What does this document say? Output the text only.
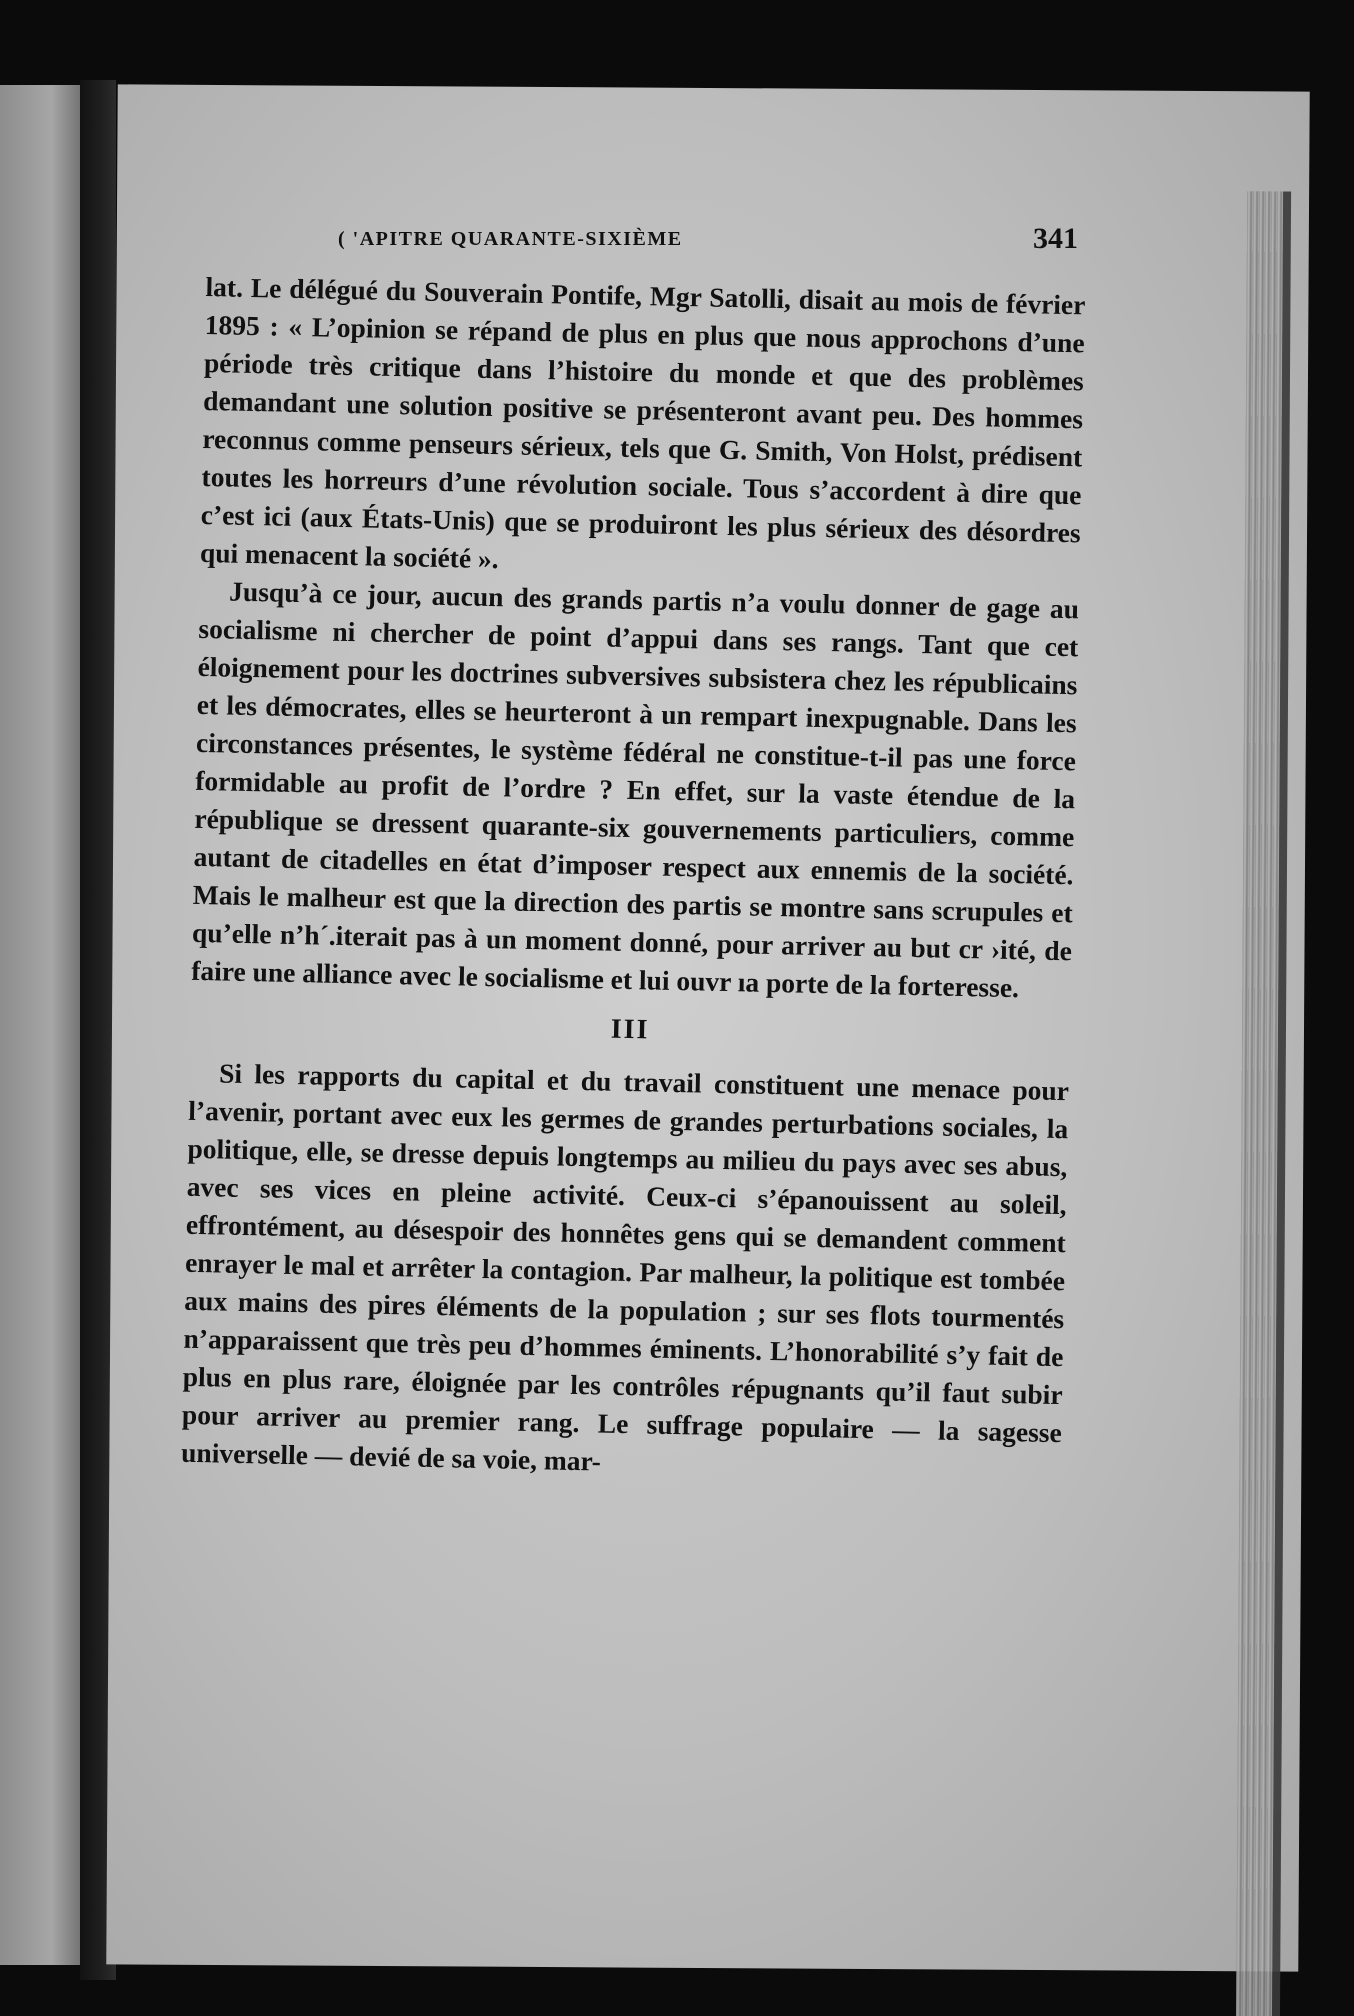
( 'APITRE QUARANTE-SIXIÈME	341

lat. Le délégué du Souverain Pontife, Mgr Satolli, disait au mois de février 1895 : « L’opinion se répand de plus en plus que nous approchons d’une période très critique dans l’histoire du monde et que des problèmes demandant une solution positive se présenteront avant peu. Des hommes reconnus comme penseurs sérieux, tels que G. Smith, Von Holst, prédisent toutes les horreurs d’une révolution sociale. Tous s’accordent à dire que c’est ici (aux États-Unis) que se produiront les plus sérieux des désordres qui menacent la société ».

Jusqu’à ce jour, aucun des grands partis n’a voulu donner de gage au socialisme ni chercher de point d’appui dans ses rangs. Tant que cet éloignement pour les doctrines subversives subsistera chez les républicains et les démocrates, elles se heurteront à un rempart inexpugnable. Dans les circonstances présentes, le système fédéral ne constitue-t-il pas une force formidable au profit de l’ordre ? En effet, sur la vaste étendue de la république se dressent quarante-six gouvernements particuliers, comme autant de citadelles en état d’imposer respect aux ennemis de la société. Mais le malheur est que la direction des partis se montre sans scrupules et qu’elle n’h´.iterait pas à un moment donné, pour arriver au but cr ›ité, de faire une alliance avec le socialisme et lui ouvr ıa porte de la forteresse.

III

Si les rapports du capital et du travail constituent une menace pour l’avenir, portant avec eux les germes de grandes perturbations sociales, la politique, elle, se dresse depuis longtemps au milieu du pays avec ses abus, avec ses vices en pleine activité. Ceux-ci s’épanouissent au soleil, effrontément, au désespoir des honnêtes gens qui se demandent comment enrayer le mal et arrêter la contagion. Par malheur, la politique est tombée aux mains des pires éléments de la population ; sur ses flots tourmentés n’apparaissent que très peu d’hommes éminents. L’honorabilité s’y fait de plus en plus rare, éloignée par les contrôles répugnants qu’il faut subir pour arriver au premier rang. Le suffrage populaire — la sagesse universelle — devié de sa voie, mar-
